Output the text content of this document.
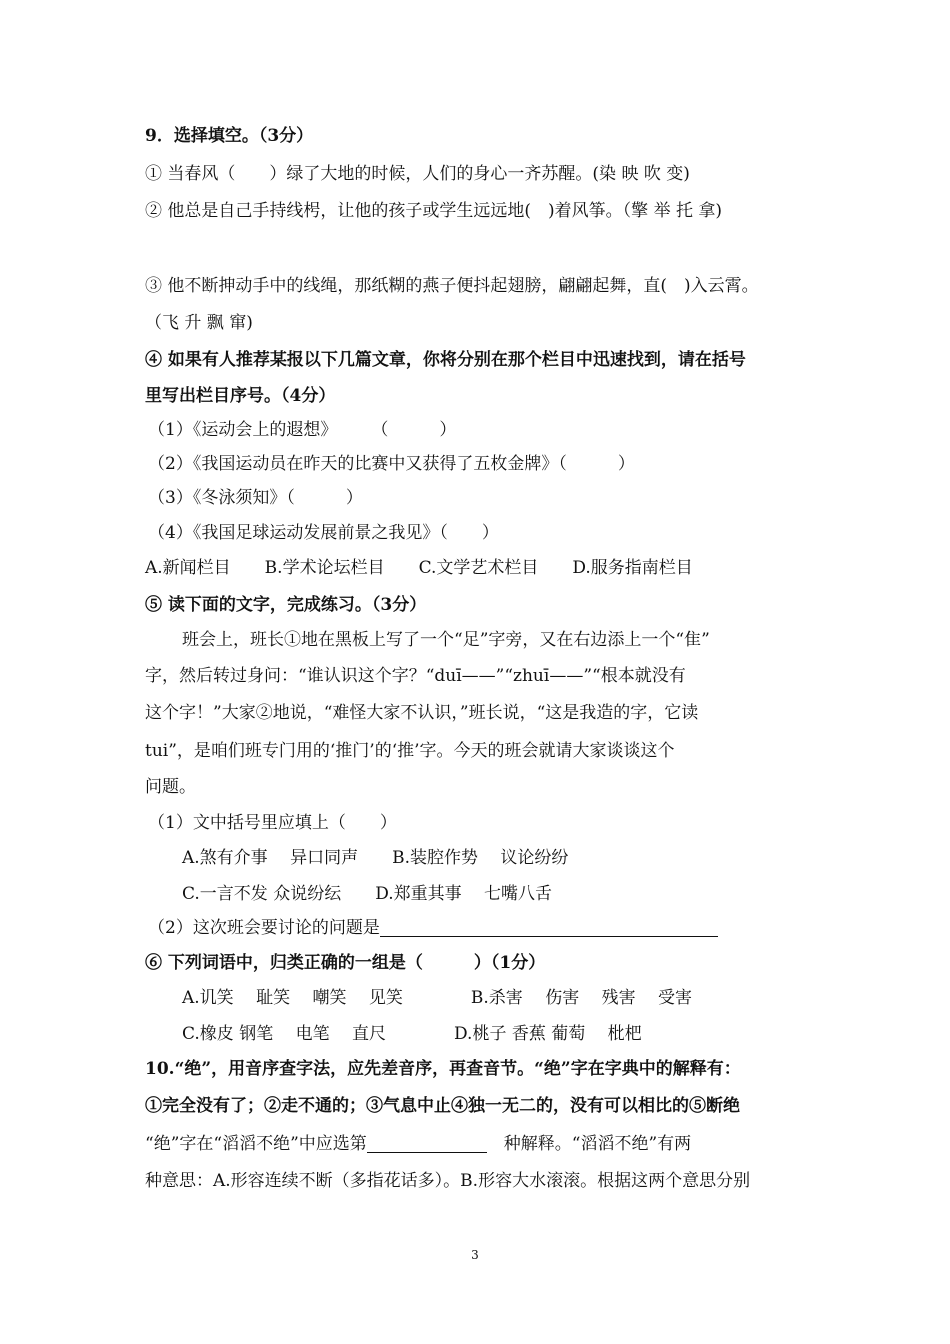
9．选择填空。（3分）
① 当春风（　　）绿了大地的时候，人们的身心一齐苏醒。(染 映 吹 变)
② 他总是自己手持线枵，让他的孩子或学生远远地(　)着风筝。（擎 举 托 拿)
③ 他不断抻动手中的线绳，那纸糊的燕子便抖起翅膀，翩翩起舞，直(　)入云霄。
（飞 升 飘 窜)
④ 如果有人推荐某报以下几篇文章，你将分别在那个栏目中迅速找到，请在括号
里写出栏目序号。（4分）
（1）《运动会上的遐想》　　　（　　　）
（2）《我国运动员在昨天的比赛中又获得了五枚金牌》（　　　）
（3）《冬泳须知》（　　　）
（4）《我国足球运动发展前景之我见》（　　）
A.新闻栏目　　B.学术论坛栏目　　C.文学艺术栏目　　D.服务指南栏目
⑤ 读下面的文字，完成练习。（3分）
班会上，班长①地在黑板上写了一个“足”字旁，又在右边添上一个“隹”
字，然后转过身问：“谁认识这个字？“duī——”“zhuī——”“根本就没有
这个字！”大家②地说，“难怪大家不认识，”班长说，“这是我造的字，它读
tui”，是咱们班专门用的‘推门’的‘推’字。今天的班会就请大家谈谈这个
问题。
（1）文中括号里应填上（　　）
A.煞有介事　 异口同声　　B.装腔作势　 议论纷纷
C.一言不发 众说纷纭　　D.郑重其事　 七嘴八舌
（2）这次班会要讨论的问题是
⑥ 下列词语中，归类正确的一组是（　　　）（1分）
A.讥笑　 耻笑　 嘲笑　 见笑　　　　B.杀害　 伤害　 残害　 受害
C.橡皮 钢笔　 电笔　 直尺　　　　D.桃子 香蕉 葡萄　 枇杷
10.“绝”，用音序查字法，应先差音序，再查音节。“绝”字在字典中的解释有：
①完全没有了；②走不通的；③气息中止④独一无二的，没有可以相比的⑤断绝
“绝”字在“滔滔不绝”中应选第　	种解释。“滔滔不绝”有两
种意思：A.形容连续不断（多指花话多）。B.形容大水滚滚。根据这两个意思分别
3
